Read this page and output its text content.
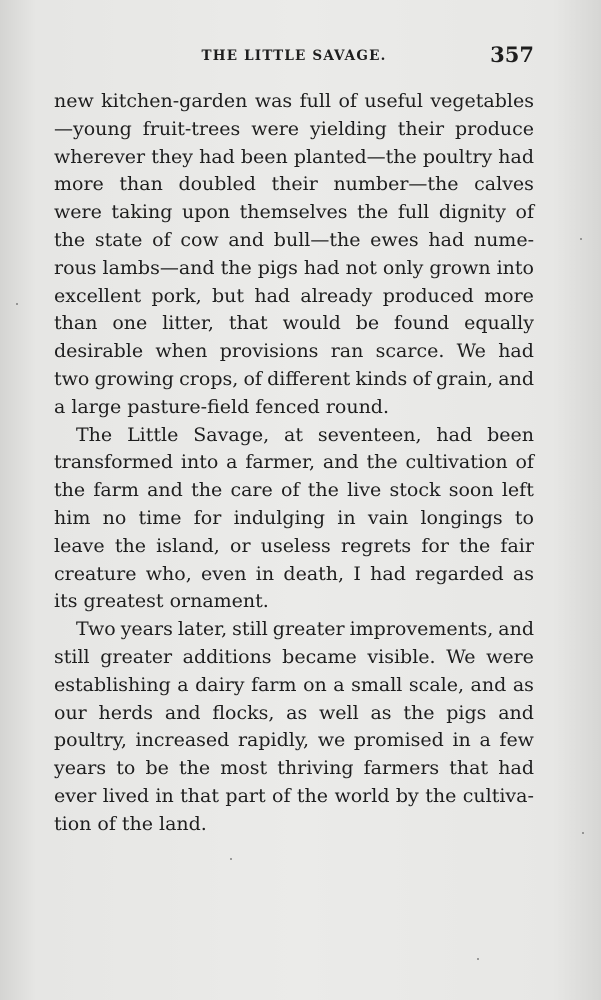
THE LITTLE SAVAGE.	357
new kitchen-garden was full of useful vegetables
—young fruit-trees were yielding their produce
wherever they had been planted—the poultry had
more than doubled their number—the calves
were taking upon themselves the full dignity of
the state of cow and bull—the ewes had nume-
rous lambs—and the pigs had not only grown into
excellent pork, but had already produced more
than one litter, that would be found equally
desirable when provisions ran scarce. We had
two growing crops, of different kinds of grain, and
a large pasture-field fenced round.
The Little Savage, at seventeen, had been
transformed into a farmer, and the cultivation of
the farm and the care of the live stock soon left
him no time for indulging in vain longings to
leave the island, or useless regrets for the fair
creature who, even in death, I had regarded as
its greatest ornament.
Two years later, still greater improvements, and
still greater additions became visible. We were
establishing a dairy farm on a small scale, and as
our herds and flocks, as well as the pigs and
poultry, increased rapidly, we promised in a few
years to be the most thriving farmers that had
ever lived in that part of the world by the cultiva-
tion of the land.
